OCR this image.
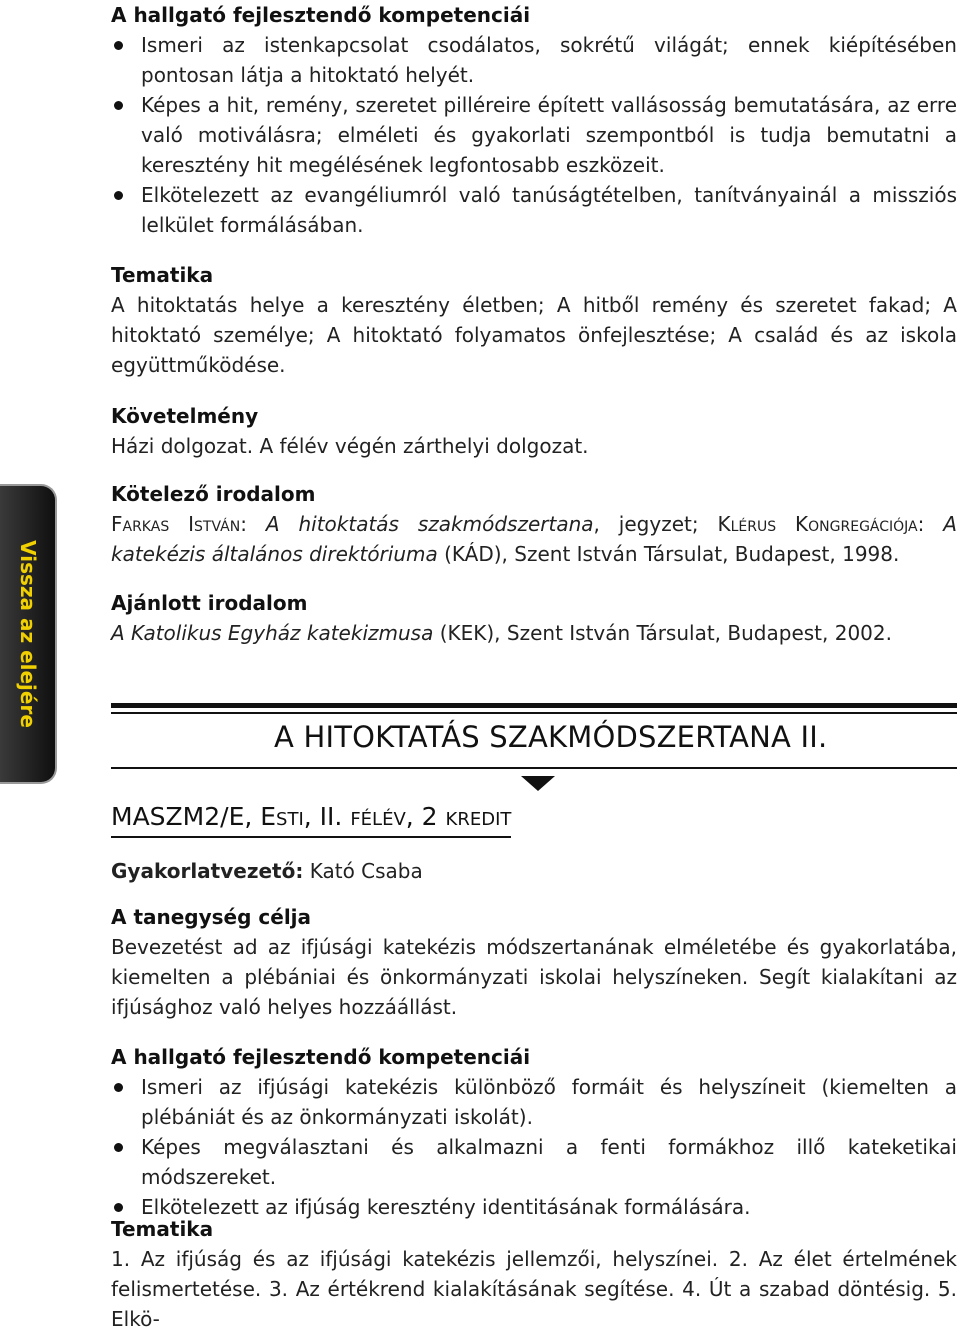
Vissza az elejére
A hallgató fejlesztendő kompetenciái
Ismeri az istenkapcsolat csodálatos, sokrétű világát; ennek kiépítésében pontosan látja a hitoktató helyét.
Képes a hit, remény, szeretet pilléreire épített vallásosság bemutatására, az erre való motiválásra; elméleti és gyakorlati szempontból is tudja bemutatni a keresztény hit megélésének legfontosabb eszközeit.
Elkötelezett az evangéliumról való tanúságtételben, tanítványainál a missziós lelkület formálásában.
Tematika

A hitoktatás helye a keresztény életben; A hitből remény és szeretet fakad; A hitoktató személye; A hitoktató folyamatos önfejlesztése; A család és az iskola együttműködése.

Követelmény

Házi dolgozat. A félév végén zárthelyi dolgozat.

Kötelező irodalom

Farkas István: A hitoktatás szakmódszertana, jegyzet; Klérus Kongregációja: A katekézis általános direktóriuma (KÁD), Szent István Társulat, Budapest, 1998.

Ajánlott irodalom

A Katolikus Egyház katekizmusa (KEK), Szent István Társulat, Budapest, 2002.

A HITOKTATÁS SZAKMÓDSZERTANA II.
MASZM2/E, Esti, II. félév, 2 kredit

Gyakorlatvezető: Kató Csaba

A tanegység célja

Bevezetést ad az ifjúsági katekézis módszertanának elméletébe és gyakorlatába, kiemelten a plébániai és önkormányzati iskolai helyszíneken. Segít kialakítani az ifjúsághoz való helyes hozzáállást.

A hallgató fejlesztendő kompetenciái
Ismeri az ifjúsági katekézis különböző formáit és helyszíneit (kiemelten a plébániát és az önkormányzati iskolát).
Képes megválasztani és alkalmazni a fenti formákhoz illő kateketikai módszereket.
Elkötelezett az ifjúság keresztény identitásának formálására.
Tematika

1. Az ifjúság és az ifjúsági katekézis jellemzői, helyszínei. 2. Az élet értelmének felismertetése. 3. Az értékrend kialakításának segítése. 4. Út a szabad döntésig. 5. Elkö-
